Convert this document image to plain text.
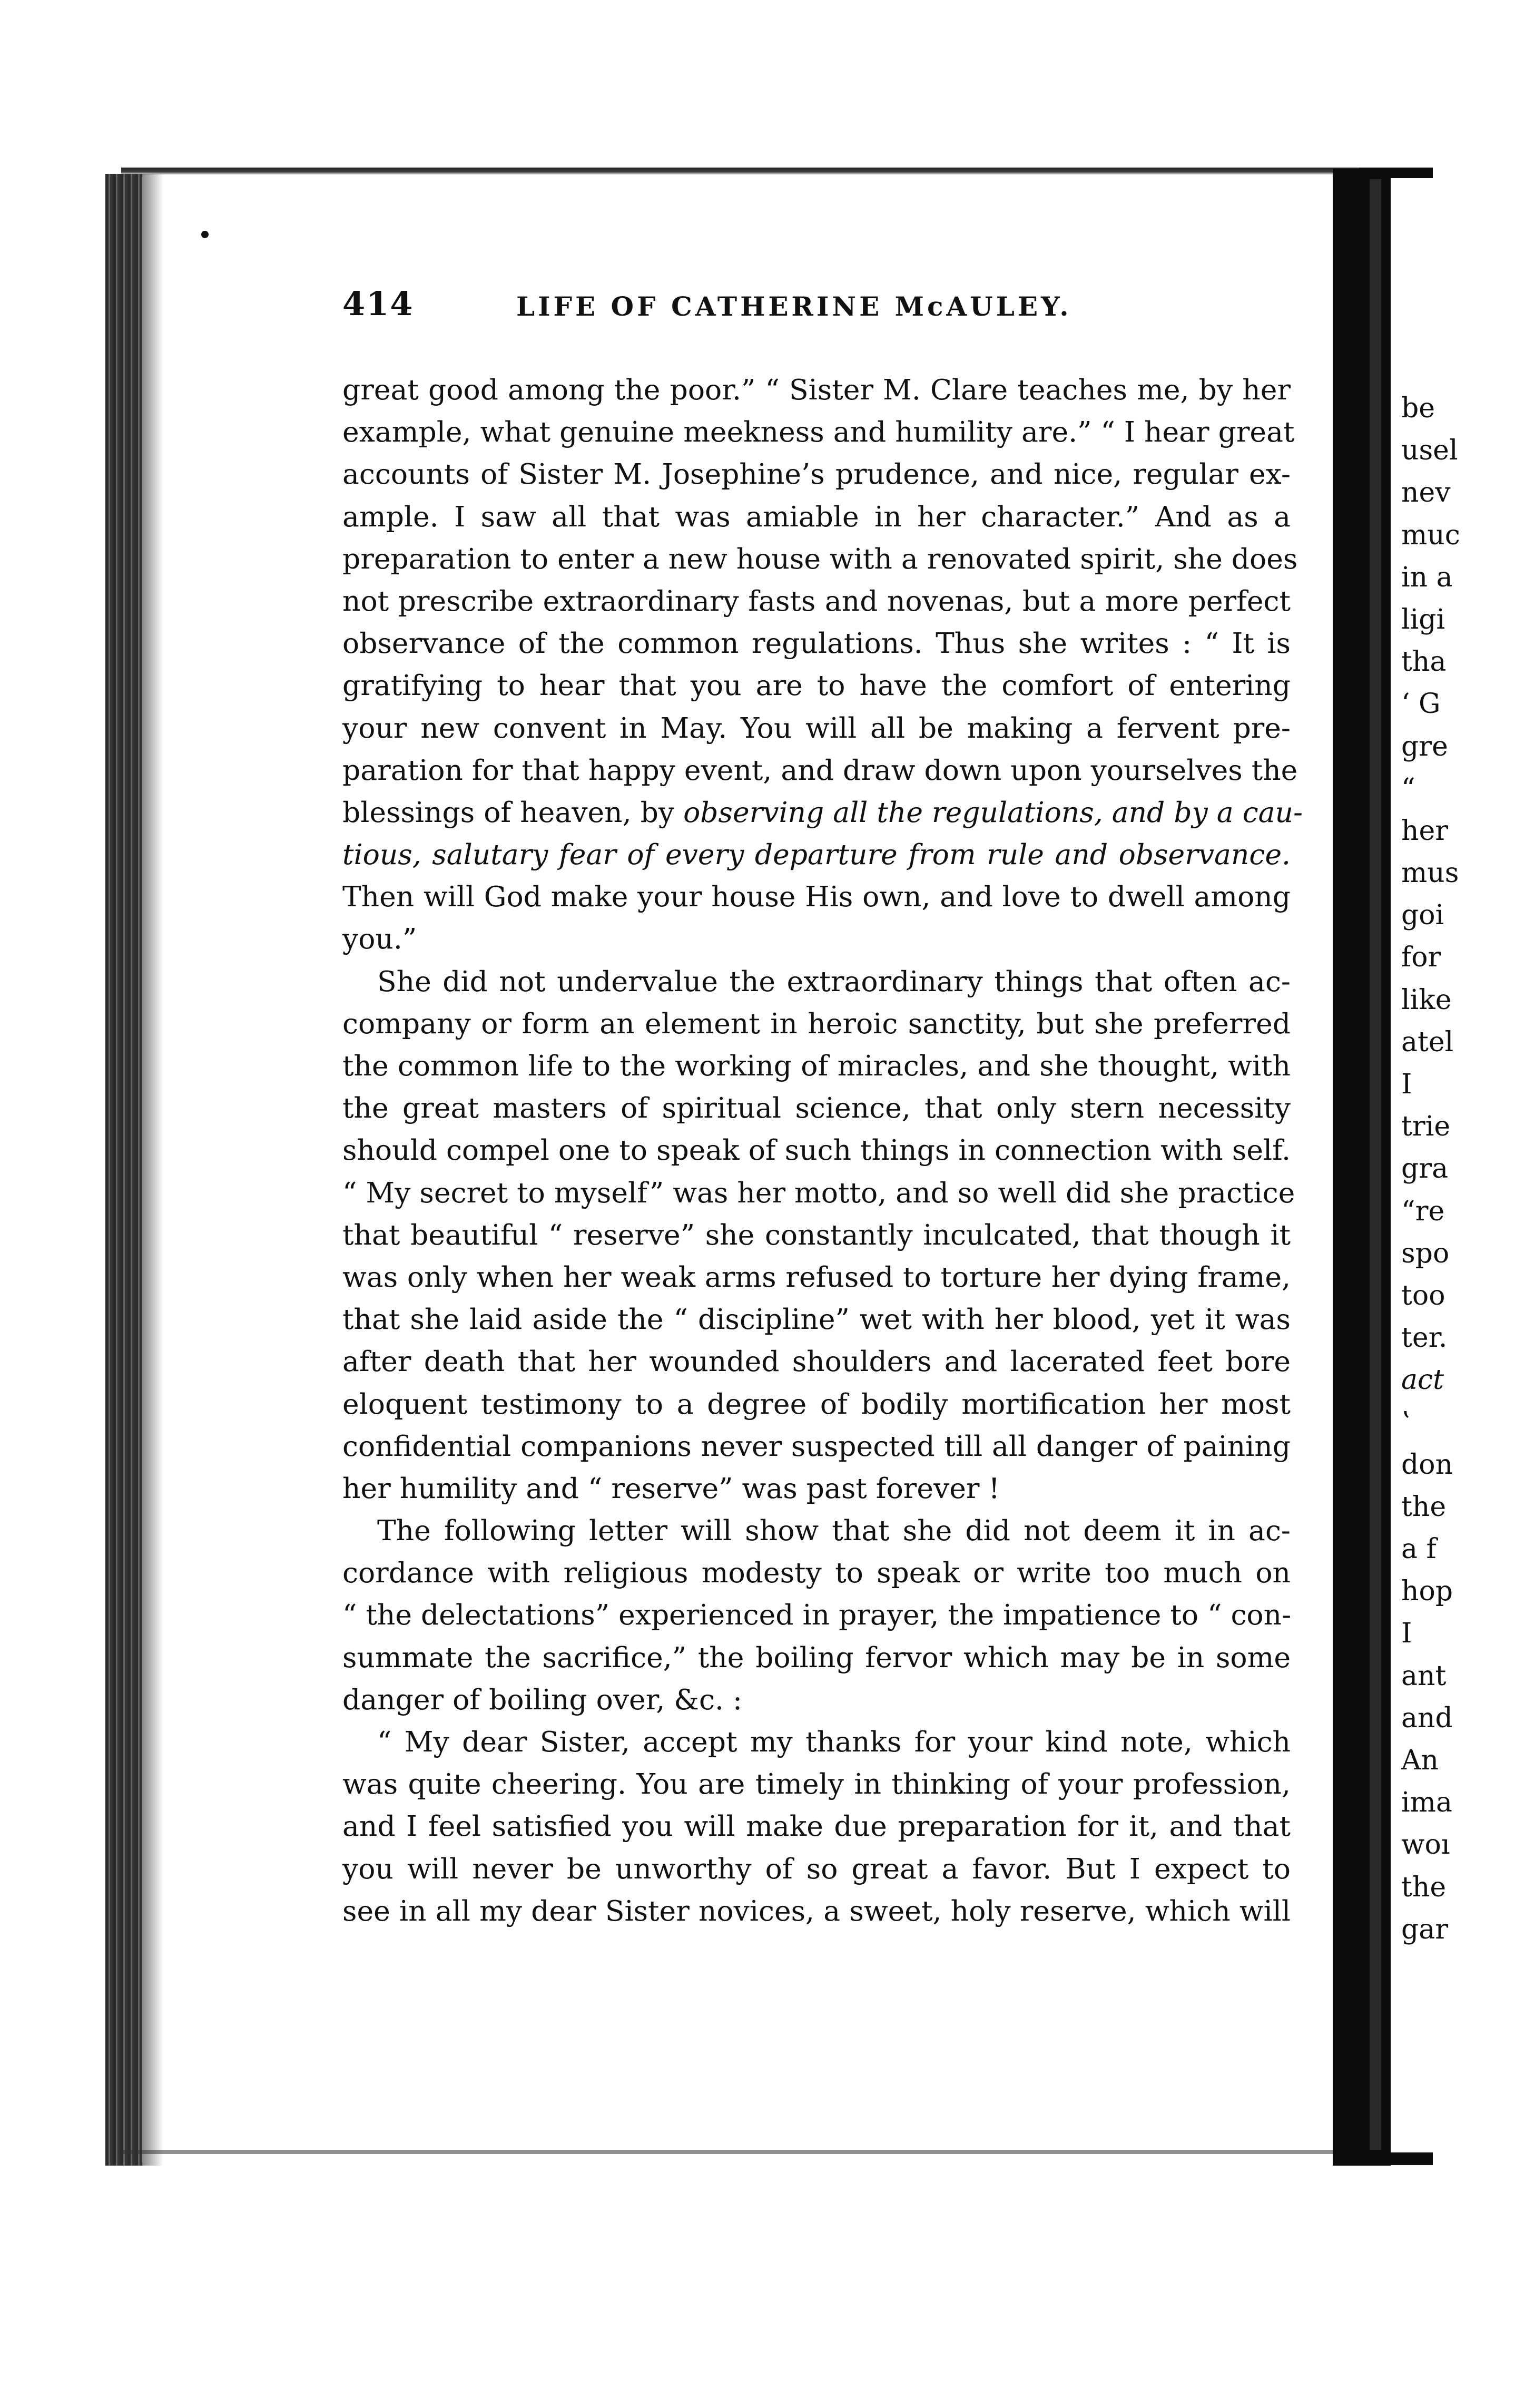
414	LIFE OF CATHERINE McAULEY.
great good among the poor.” “ Sister M. Clare teaches me, by her
example, what genuine meekness and humility are.” “ I hear great
accounts of Sister M. Josephine’s prudence, and nice, regular ex-
ample. I saw all that was amiable in her character.” And as a
preparation to enter a new house with a renovated spirit, she does
not prescribe extraordinary fasts and novenas, but a more perfect
observance of the common regulations. Thus she writes : “ It is
gratifying to hear that you are to have the comfort of entering
your new convent in May. You will all be making a fervent pre-
paration for that happy event, and draw down upon yourselves the
blessings of heaven, by observing all the regulations, and by a cau-
tious, salutary fear of every departure from rule and observance.
Then will God make your house His own, and love to dwell among
you.”
She did not undervalue the extraordinary things that often ac-
company or form an element in heroic sanctity, but she preferred
the common life to the working of miracles, and she thought, with
the great masters of spiritual science, that only stern necessity
should compel one to speak of such things in connection with self.
“ My secret to myself” was her motto, and so well did she practice
that beautiful “ reserve” she constantly inculcated, that though it
was only when her weak arms refused to torture her dying frame,
that she laid aside the “ discipline” wet with her blood, yet it was
after death that her wounded shoulders and lacerated feet bore
eloquent testimony to a degree of bodily mortification her most
confidential companions never suspected till all danger of paining
her humility and “ reserve” was past forever !
The following letter will show that she did not deem it in ac-
cordance with religious modesty to speak or write too much on
“ the delectations” experienced in prayer, the impatience to “ con-
summate the sacrifice,” the boiling fervor which may be in some
danger of boiling over, &c. :
“ My dear Sister, accept my thanks for your kind note, which
was quite cheering. You are timely in thinking of your profession,
and I feel satisfied you will make due preparation for it, and that
you will never be unworthy of so great a favor. But I expect to
see in all my dear Sister novices, a sweet, holy reserve, which will
be
usel
nev
muc
in a
ligi
tha
‘ G
gre
“
her
mus
goi
for
like
atel
I
trie
gra
“re
spo
too
ter.
act
ʽ
don
the
a f
hop
I
ant
and
An
ima
woı
the
gar
